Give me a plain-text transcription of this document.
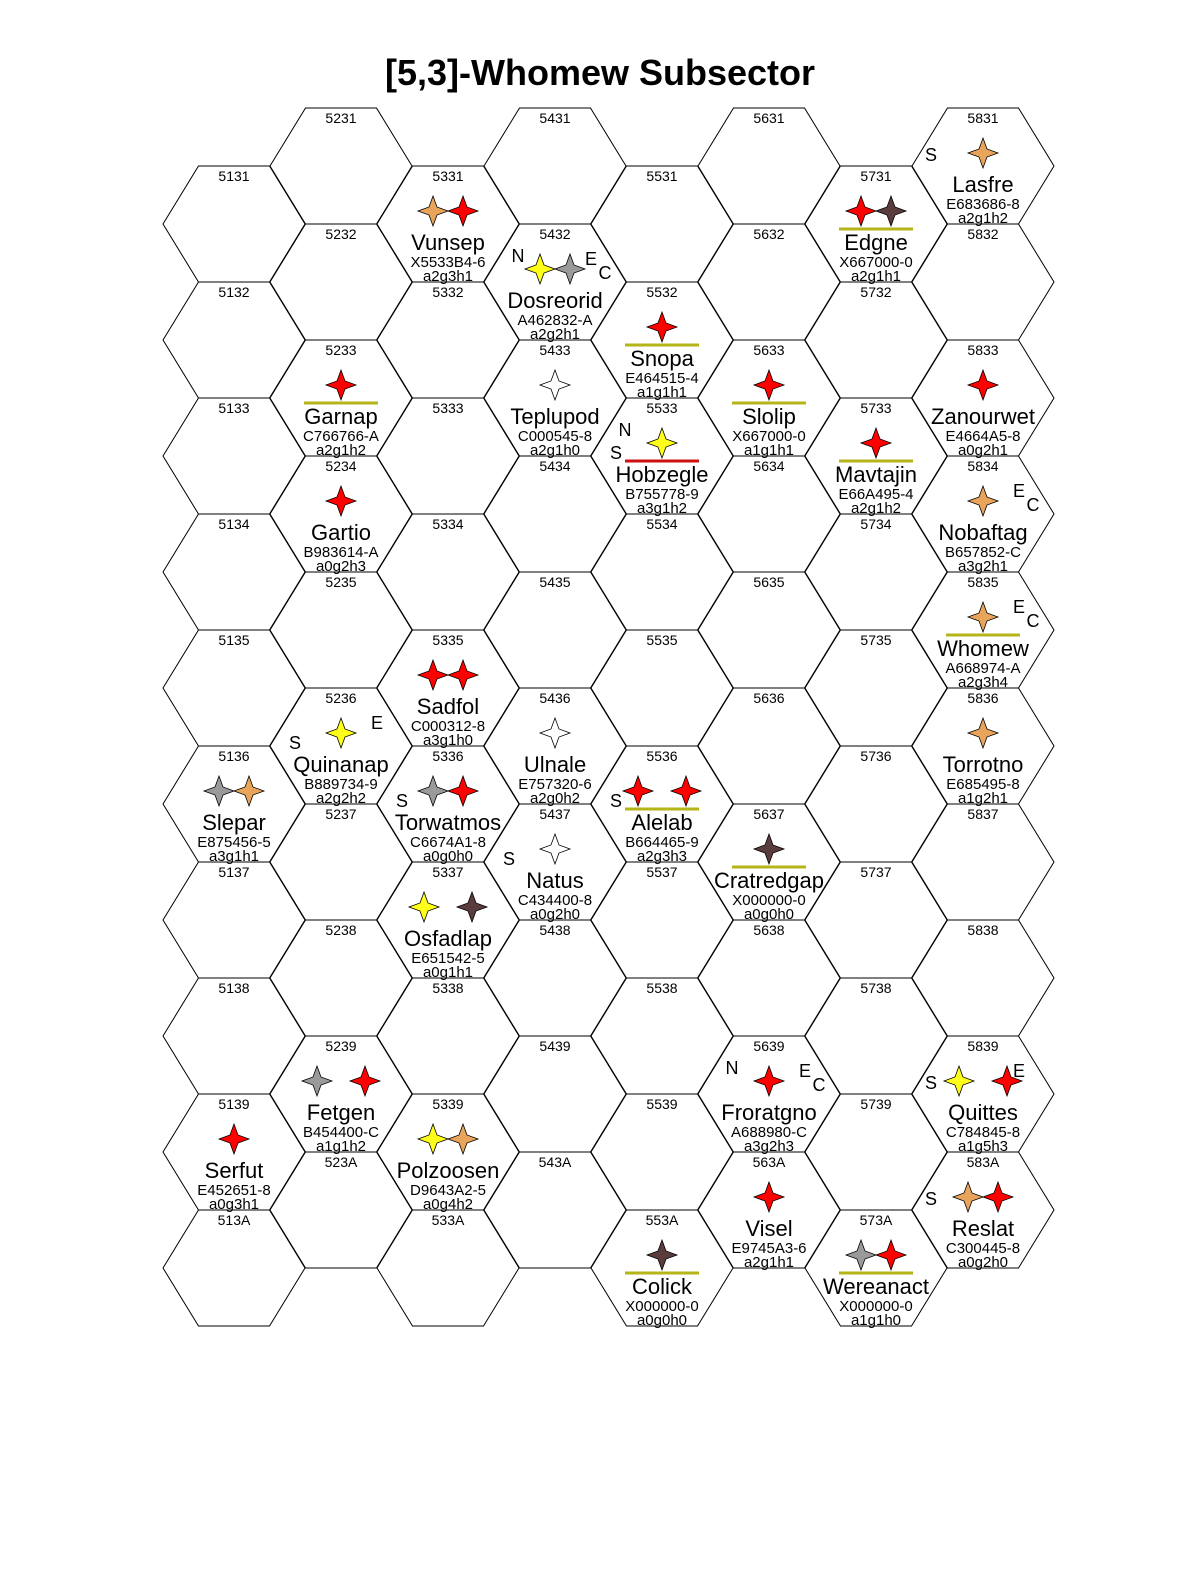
[5,3]-Whomew Subsector
5131
5132
5133
5134
5135
5136
5137
5138
5139
513A
5231
5232
5233
5234
5235
5236
5237
5238
5239
523A
5331
5332
5333
5334
5335
5336
5337
5338
5339
533A
5431
5432
5433
5434
5435
5436
5437
5438
5439
543A
5531
5532
5533
5534
5535
5536
5537
5538
5539
553A
5631
5632
5633
5634
5635
5636
5637
5638
5639
563A
5731
5732
5733
5734
5735
5736
5737
5738
5739
573A
5831
5832
5833
5834
5835
5836
5837
5838
5839
583A
Serfut
E452651-8
a0g3h1
Slepar
E875456-5
a3g1h1
Garnap
C766766-A
a2g1h2
Gartio
B983614-A
a0g2h3
Quinanap
B889734-9
a2g2h2
S
E
Fetgen
B454400-C
a1g1h2
Vunsep
X5533B4-6
a2g3h1
Sadfol
C000312-8
a3g1h0
Torwatmos
C6674A1-8
a0g0h0
S
Osfadlap
E651542-5
a0g1h1
Polzoosen
D9643A2-5
a0g4h2
Dosreorid
A462832-A
a2g2h1
N	E
C
Teplupod
C000545-8
a2g1h0
Ulnale
E757320-6
a2g0h2
Natus
C434400-8
a0g2h0
S
Snopa
E464515-4
a1g1h1
Hobzegle
B755778-9
a3g1h2
N
S
Alelab
B664465-9
a2g3h3
S
Colick
X000000-0
a0g0h0
Slolip
X667000-0
a1g1h1
Cratredgap
X000000-0
a0g0h0
Froratgno
A688980-C
a3g2h3
N	E
C
Visel
E9745A3-6
a2g1h1
Edgne
X667000-0
a2g1h1
Mavtajin
E66A495-4
a2g1h2
Wereanact
X000000-0
a1g1h0
Lasfre
E683686-8
a2g1h2
S
Zanourwet
E4664A5-8
a0g2h1
Nobaftag
B657852-C
a3g2h1
E
C
Whomew
A668974-A
a2g3h4
E
C
Torrotno
E685495-8
a1g2h1
Quittes
C784845-8
a1g5h3
S
E
Reslat
C300445-8
a0g2h0
S
